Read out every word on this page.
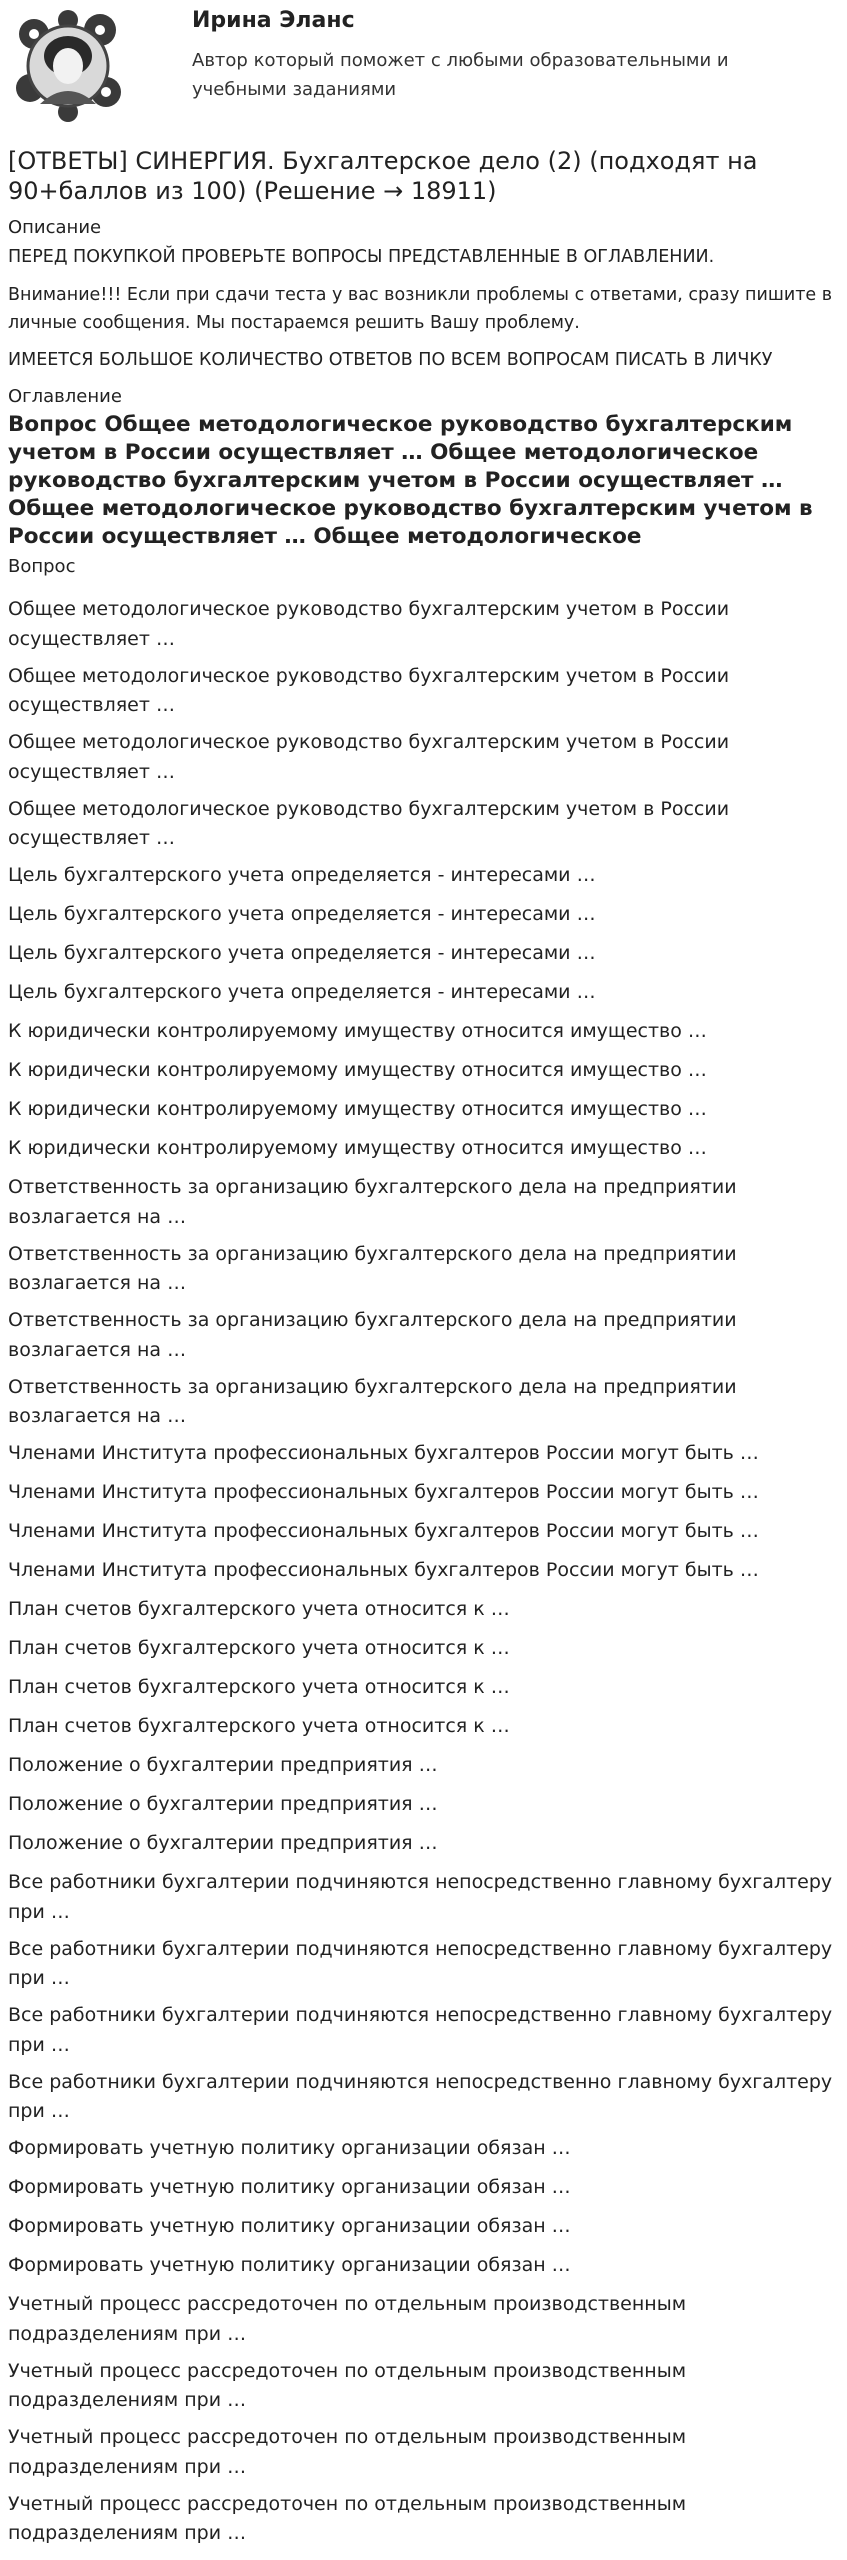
Ирина Эланс
Автор который поможет с любыми образовательными и учебными заданиями
[ОТВЕТЫ] СИНЕРГИЯ. Бухгалтерское дело (2) (подходят на 90+баллов из 100) (Решение → 18911)
Описание
ПЕРЕД ПОКУПКОЙ ПРОВЕРЬТЕ ВОПРОСЫ ПРЕДСТАВЛЕННЫЕ В ОГЛАВЛЕНИИ.
Внимание!!! Если при сдачи теста у вас возникли проблемы с ответами, сразу пишите в личные сообщения. Мы постараемся решить Вашу проблему.
ИМЕЕТСЯ БОЛЬШОЕ КОЛИЧЕСТВО ОТВЕТОВ ПО ВСЕМ ВОПРОСАМ ПИСАТЬ В ЛИЧКУ
Оглавление
Вопрос Общее методологическое руководство бухгалтерским учетом в России осуществляет … Общее методологическое руководство бухгалтерским учетом в России осуществляет … Общее методологическое руководство бухгалтерским учетом в России осуществляет … Общее методологическое
Вопрос
Общее методологическое руководство бухгалтерским учетом в России осуществляет …
Общее методологическое руководство бухгалтерским учетом в России осуществляет …
Общее методологическое руководство бухгалтерским учетом в России осуществляет …
Общее методологическое руководство бухгалтерским учетом в России осуществляет …
Цель бухгалтерского учета определяется - интересами …
Цель бухгалтерского учета определяется - интересами …
Цель бухгалтерского учета определяется - интересами …
Цель бухгалтерского учета определяется - интересами …
К юридически контролируемому имуществу относится имущество …
К юридически контролируемому имуществу относится имущество …
К юридически контролируемому имуществу относится имущество …
К юридически контролируемому имуществу относится имущество …
Ответственность за организацию бухгалтерского дела на предприятии возлагается на …
Ответственность за организацию бухгалтерского дела на предприятии возлагается на …
Ответственность за организацию бухгалтерского дела на предприятии возлагается на …
Ответственность за организацию бухгалтерского дела на предприятии возлагается на …
Членами Института профессиональных бухгалтеров России могут быть …
Членами Института профессиональных бухгалтеров России могут быть …
Членами Института профессиональных бухгалтеров России могут быть …
Членами Института профессиональных бухгалтеров России могут быть …
План счетов бухгалтерского учета относится к …
План счетов бухгалтерского учета относится к …
План счетов бухгалтерского учета относится к …
План счетов бухгалтерского учета относится к …
Положение о бухгалтерии предприятия …
Положение о бухгалтерии предприятия …
Положение о бухгалтерии предприятия …
Все работники бухгалтерии подчиняются непосредственно главному бухгалтеру при …
Все работники бухгалтерии подчиняются непосредственно главному бухгалтеру при …
Все работники бухгалтерии подчиняются непосредственно главному бухгалтеру при …
Все работники бухгалтерии подчиняются непосредственно главному бухгалтеру при …
Формировать учетную политику организации обязан …
Формировать учетную политику организации обязан …
Формировать учетную политику организации обязан …
Формировать учетную политику организации обязан …
Учетный процесс рассредоточен по отдельным производственным подразделениям при …
Учетный процесс рассредоточен по отдельным производственным подразделениям при …
Учетный процесс рассредоточен по отдельным производственным подразделениям при …
Учетный процесс рассредоточен по отдельным производственным подразделениям при …
